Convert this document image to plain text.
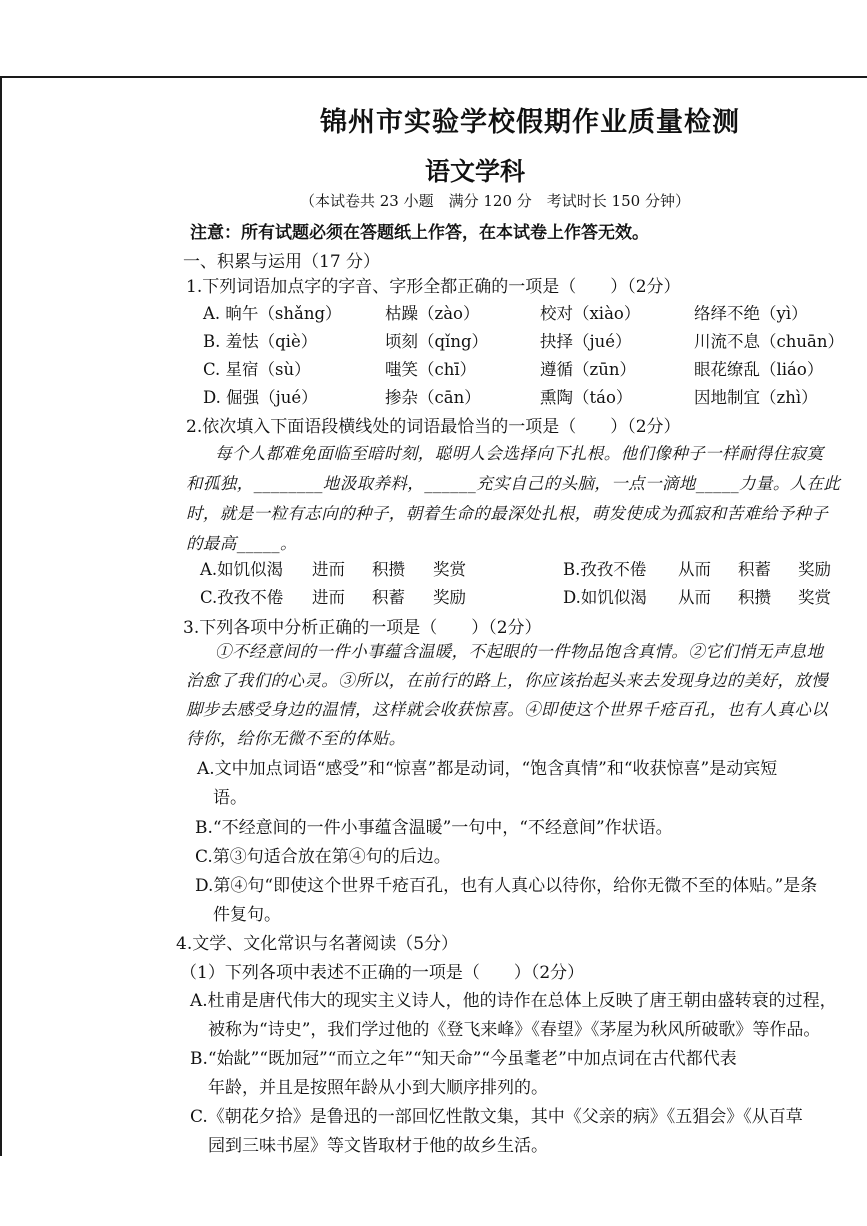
锦州市实验学校假期作业质量检测
语文学科
（本试卷共 23 小题　满分 120 分　考试时长 150 分钟）
注意：所有试题必须在答题纸上作答，在本试卷上作答无效。
一、积累与运用（17 分）
1.下列词语加点字的字音、字形全都正确的一项是（　　）（2分）
A. 晌午（shǎng）	枯躁（zào）	校对（xiào）	络绎不绝（yì）
B. 羞怯（qiè）	顷刻（qǐng）	抉择（jué）	川流不息（chuān）
C. 星宿（sù）	嗤笑（chī）	遵循（zūn）	眼花缭乱（liáo）
D. 倔强（jué）	掺杂（cān）	熏陶（táo）	因地制宜（zhì）
2.依次填入下面语段横线处的词语最恰当的一项是（　　）（2分）
每个人都难免面临至暗时刻，聪明人会选择向下扎根。他们像种子一样耐得住寂寞
和孤独，________地汲取养料，______充实自己的头脑，一点一滴地_____力量。人在此
时，就是一粒有志向的种子，朝着生命的最深处扎根，萌发使成为孤寂和苦难给予种子
的最高_____。
A.如饥似渴 进而 积攒 奖赏	B.孜孜不倦 从而 积蓄 奖励
C.孜孜不倦 进而 积蓄 奖励	D.如饥似渴 从而 积攒 奖赏
3.下列各项中分析正确的一项是（　　）（2分）
①不经意间的一件小事蕴含温暖，不起眼的一件物品饱含真情。②它们悄无声息地
治愈了我们的心灵。③所以，在前行的路上，你应该抬起头来去发现身边的美好，放慢
脚步去感受身边的温情，这样就会收获惊喜。④即使这个世界千疮百孔，也有人真心以
待你，给你无微不至的体贴。
A.文中加点词语“感受”和“惊喜”都是动词，“饱含真情”和“收获惊喜”是动宾短
语。
B.“不经意间的一件小事蕴含温暖”一句中，“不经意间”作状语。
C.第③句适合放在第④句的后边。
D.第④句“即使这个世界千疮百孔，也有人真心以待你，给你无微不至的体贴。”是条
件复句。
4.文学、文化常识与名著阅读（5分）
（1）下列各项中表述不正确的一项是（　　）（2分）
A.杜甫是唐代伟大的现实主义诗人，他的诗作在总体上反映了唐王朝由盛转衰的过程，
被称为“诗史”，我们学过他的《登飞来峰》《春望》《茅屋为秋风所破歌》等作品。
B.“始龀”“既加冠”“而立之年”“知天命”“今虽耄老”中加点词在古代都代表
年龄，并且是按照年龄从小到大顺序排列的。
C.《朝花夕拾》是鲁迅的一部回忆性散文集，其中《父亲的病》《五猖会》《从百草
园到三味书屋》等文皆取材于他的故乡生活。
